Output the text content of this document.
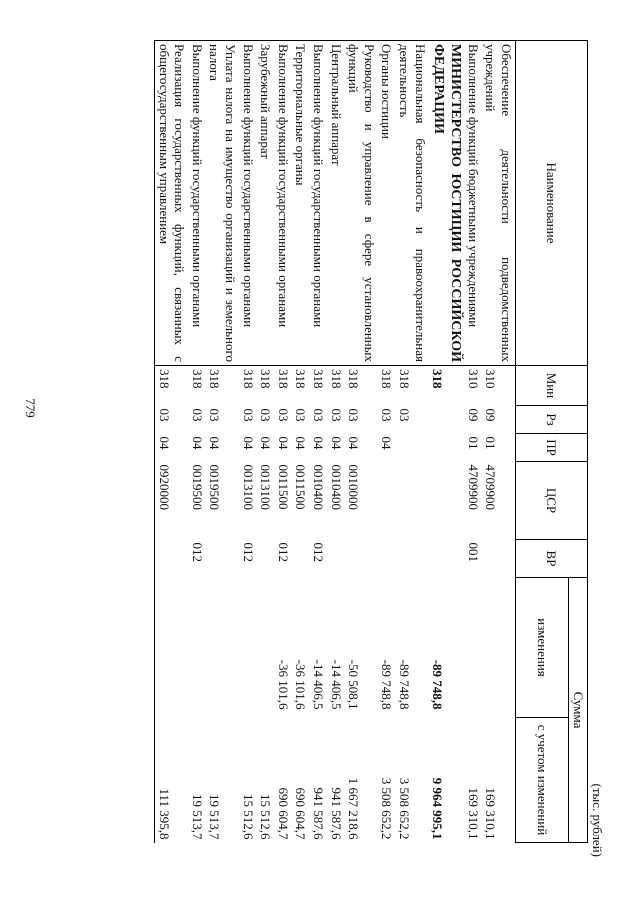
779
(тыс. рублей)
Наименование	Мин	Рз	ПР	ЦСР	ВР	Сумма	
						изменения	с учетом изменений
Обеспечение деятельности подведомственных учреждений	310	09	01	4709900			169 310,1
Выполнение функций бюджетными учреждениями	310	09	01	4709900	001		169 310,1
МИНИСТЕРСТВО ЮСТИЦИИ РОССИЙСКОЙ ФЕДЕРАЦИИ	318					-89 748,8	9 964 995,1
Национальная безопасность и правоохранительная деятельность	318	03				-89 748,8	3 508 652,2
Органы юстиции	318	03	04			-89 748,8	3 508 652,2
Руководство и управление в сфере установленных функций	318	03	04	0010000		-50 508,1	1 667 218,6
Центральный аппарат	318	03	04	0010400		-14 406,5	941 587,6
Выполнение функций государственными органами	318	03	04	0010400	012	-14 406,5	941 587,6
Территориальные органы	318	03	04	0011500		-36 101,6	690 604,7
Выполнение функций государственными органами	318	03	04	0011500	012	-36 101,6	690 604,7
Зарубежный аппарат	318	03	04	0013100			15 512,6
Выполнение функций государственными органами	318	03	04	0013100	012		15 512,6
Уплата налога на имущество организаций и земельного налога	318	03	04	0019500			19 513,7
Выполнение функций государственными органами	318	03	04	0019500	012		19 513,7
Реализация государственных функций, связанных с общегосударственным управлением	318	03	04	0920000			111 395,8
